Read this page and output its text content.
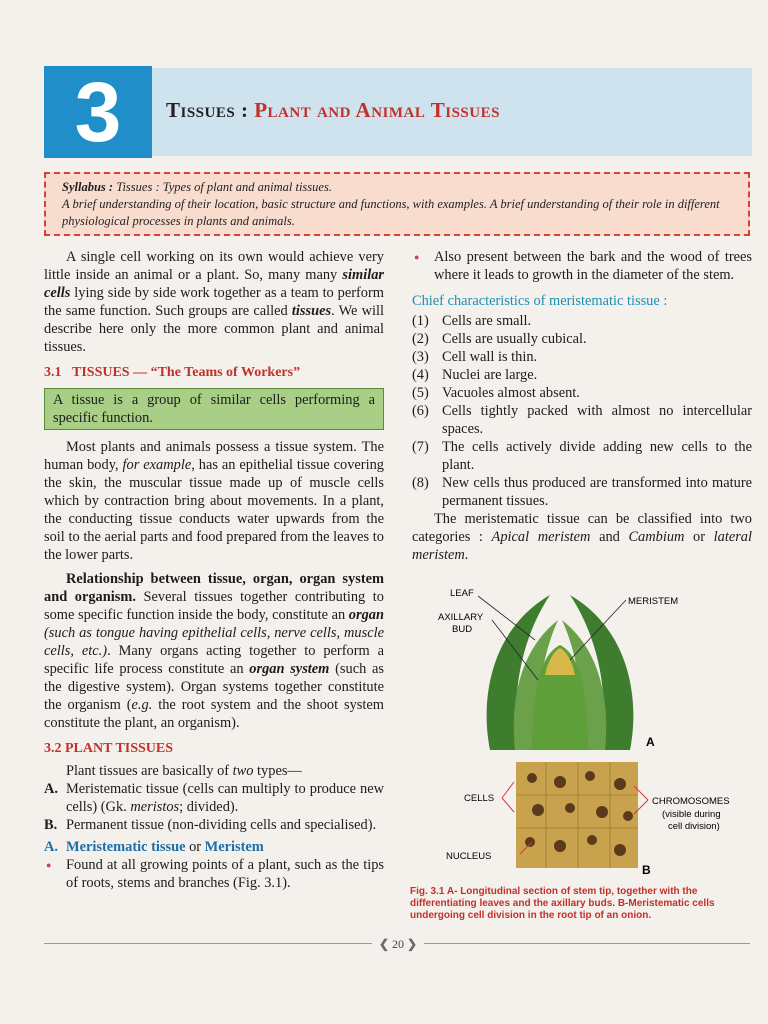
3	Tissues : Plant and Animal Tissues
Syllabus : Tissues : Types of plant and animal tissues.
A brief understanding of their location, basic structure and functions, with examples. A brief understanding of their role in different physiological processes in plants and animals.

A single cell working on its own would achieve very little inside an animal or a plant. So, many many similar cells lying side by side work together as a team to perform the same function. Such groups are called tissues. We will describe here only the more common plant and animal tissues.

3.1 TISSUES — “The Teams of Workers”
A tissue is a group of similar cells performing a specific function.

Most plants and animals possess a tissue system. The human body, for example, has an epithelial tissue covering the skin, the muscular tissue made up of muscle cells which by contraction bring about movements. In a plant, the conducting tissue conducts water upwards from the soil to the aerial parts and food prepared from the leaves to the lower parts.

Relationship between tissue, organ, organ system and organism. Several tissues together contributing to some specific function inside the body, constitute an organ (such as tongue having epithelial cells, nerve cells, muscle cells, etc.). Many organs acting together to perform a specific life process constitute an organ system (such as the digestive system). Organ systems together constitute the organism (e.g. the root system and the shoot system constitute the plant, an organism).

3.2 PLANT TISSUES

Plant tissues are basically of two types—

A. Meristematic tissue (cells can multiply to produce new cells) (Gk. meristos; divided).

B. Permanent tissue (non-dividing cells and specialised).

A. Meristematic tissue or Meristem

● Found at all growing points of a plant, such as the tips of roots, stems and branches (Fig. 3.1).

● Also present between the bark and the wood of trees where it leads to growth in the diameter of the stem.

Chief characteristics of meristematic tissue :

(1) Cells are small.

(2) Cells are usually cubical.

(3) Cell wall is thin.

(4) Nuclei are large.

(5) Vacuoles almost absent.

(6) Cells tightly packed with almost no intercellular spaces.

(7) The cells actively divide adding new cells to the plant.

(8) New cells thus produced are transformed into mature permanent tissues.

The meristematic tissue can be classified into two categories : Apical meristem and Cambium or lateral meristem.

LEAF
AXILLARY
BUD
MERISTEM
A
CELLS
NUCLEUS
CHROMOSOMES
(visible during
cell division)
B
Fig. 3.1 A- Longitudinal section of stem tip, together with the differentiating leaves and the axillary buds. B-Meristematic cells undergoing cell division in the root tip of an onion.
❮ 20 ❯
